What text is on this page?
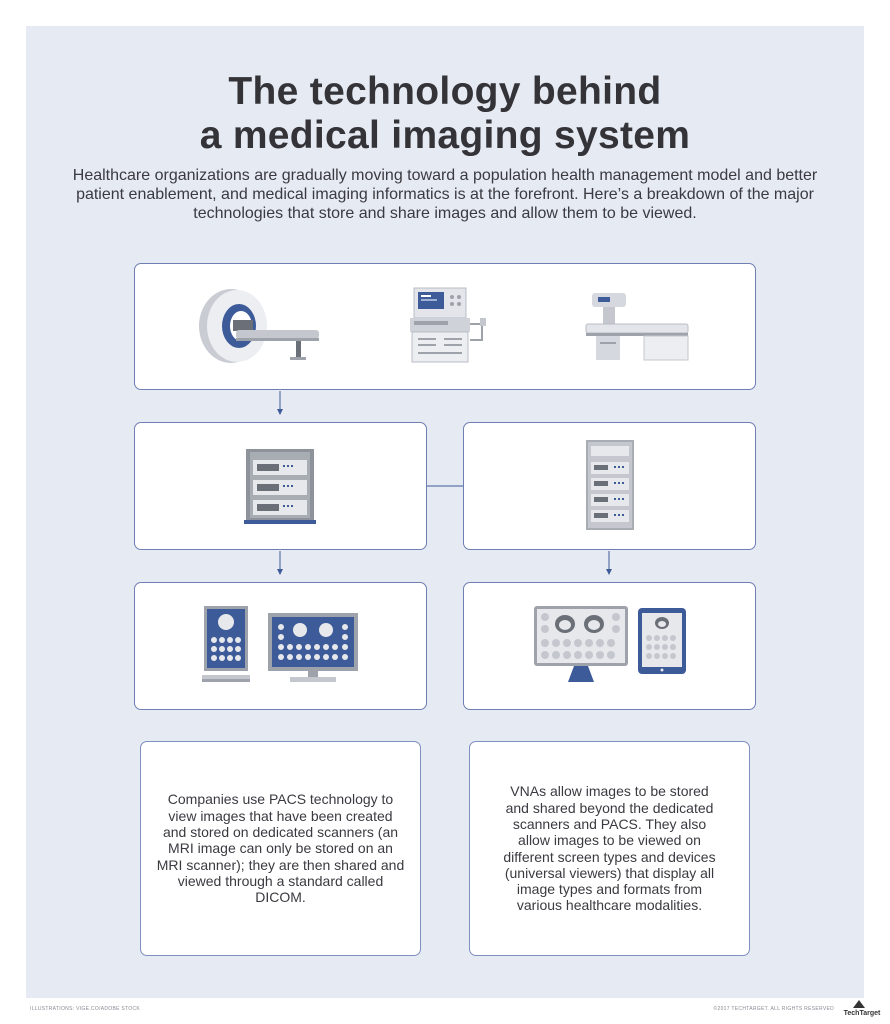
The technology behind
a medical imaging system
Healthcare organizations are gradually moving toward a population health management model and better patient enablement, and medical imaging informatics is at the forefront. Here’s a breakdown of the major technologies that store and share images and allow them to be viewed.

Companies use PACS technology to view images that have been created and stored on dedicated scanners (an MRI image can only be stored on an MRI scanner); they are then shared and viewed through a standard called DICOM.

VNAs allow images to be stored and shared beyond the dedicated scanners and PACS. They also allow images to be viewed on different screen types and devices (universal viewers) that display all image types and formats from various healthcare modalities.

ILLUSTRATIONS: VIGE.CO/ADOBE STOCK	©2017 TECHTARGET. ALL RIGHTS RESERVED
TechTarget
